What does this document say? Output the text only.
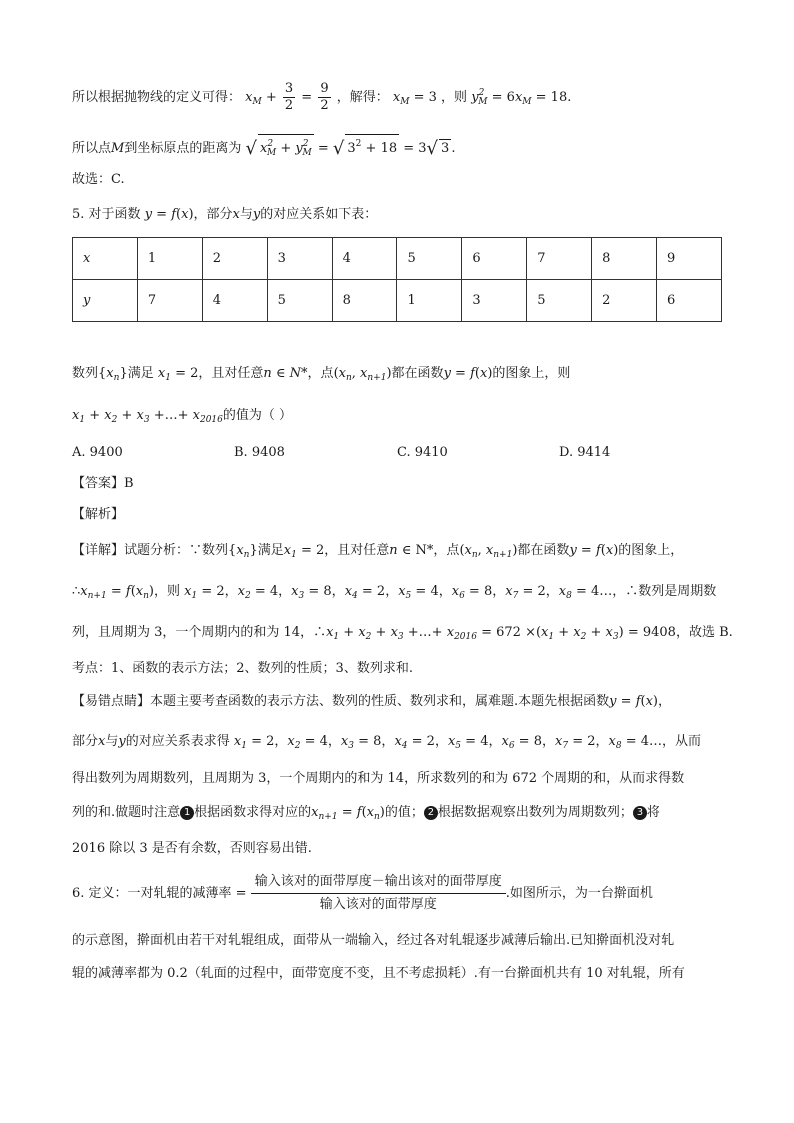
所以根据抛物线的定义可得： $x_M + \frac{3}{2} = \frac{9}{2}$ ，解得： $x_M = 3$ ，则 $y^2_M = 6x_M = 18$.
所以点M到坐标原点的距离为 √ $x^2_M + y^2_M$ = √ $3^2 + 18 = 3√$ 3 .
故选：C.
5. 对于函数 y = f(x)，部分x与y的对应关系如下表：
x	1	2	3	4	5	6	7	8	9
y	7	4	5	8	1	3	5	2	6
数列$\{x_n\}$满足 $x_1 = 2$，且对任意n ∈ N*，点($x_n$, $x_{n+1}$)都在函数y = f(x)的图象上，则
$x_1 + x_2 + x_3$ +…+ $x_{2016}$的值为（ ）
A. 9400	B. 9408	C. 9410	D. 9414
【答案】B
【解析】
【详解】试题分析：∵数列$\{x_n\}$满足$x_1 = 2$，且对任意n ∈ N*，点($x_n$, $x_{n+1}$)都在函数y = f(x)的图象上，
$\therefore x_{n+1} = f(x_n)$，则 $x_1 = 2$，$x_2 = 4$，$x_3 = 8$，$x_4 = 2$，$x_5 = 4$，$x_6 = 8$，$x_7 = 2$，$x_8$ = 4…，∴数列是周期数
列，且周期为 3，一个周期内的和为 14，$\therefore x_1 + x_2 + x_3$ +…+ $x_{2016} = 672 \times(x_1 + x_2 + x_3) = 9408$，故选 B.
考点：1、函数的表示方法；2、数列的性质；3、数列求和.
【易错点睛】本题主要考查函数的表示方法、数列的性质、数列求和，属难题.本题先根据函数y = f(x)，
部分x与y的对应关系表求得 $x_1 = 2$，$x_2 = 4$，$x_3 = 8$，$x_4 = 2$，$x_5 = 4$，$x_6 = 8$，$x_7 = 2$，$x_8$ = 4…，从而
得出数列为周期数列，且周期为 3，一个周期内的和为 14，所求数列的和为 672 个周期的和，从而求得数
列的和.做题时注意 1 根据函数求得对应的$x_{n+1} = f(x_n)$的值； 2 根据数据观察出数列为周期数列； 3 将
2016 除以 3 是否有余数，否则容易出错.
6. 定义：一对轧辊的减薄率 = $\frac{\text{输入该对的面带厚度－输出该对的面带厚度}}{\text{输入该对的面带厚度}}$ .如图所示，为一台擀面机
的示意图，擀面机由若干对轧辊组成，面带从一端输入，经过各对轧辊逐步减薄后输出.已知擀面机没对轧
辊的减薄率都为 0.2（轧面的过程中，面带宽度不变，且不考虑损耗）.有一台擀面机共有 10 对轧辊，所有
